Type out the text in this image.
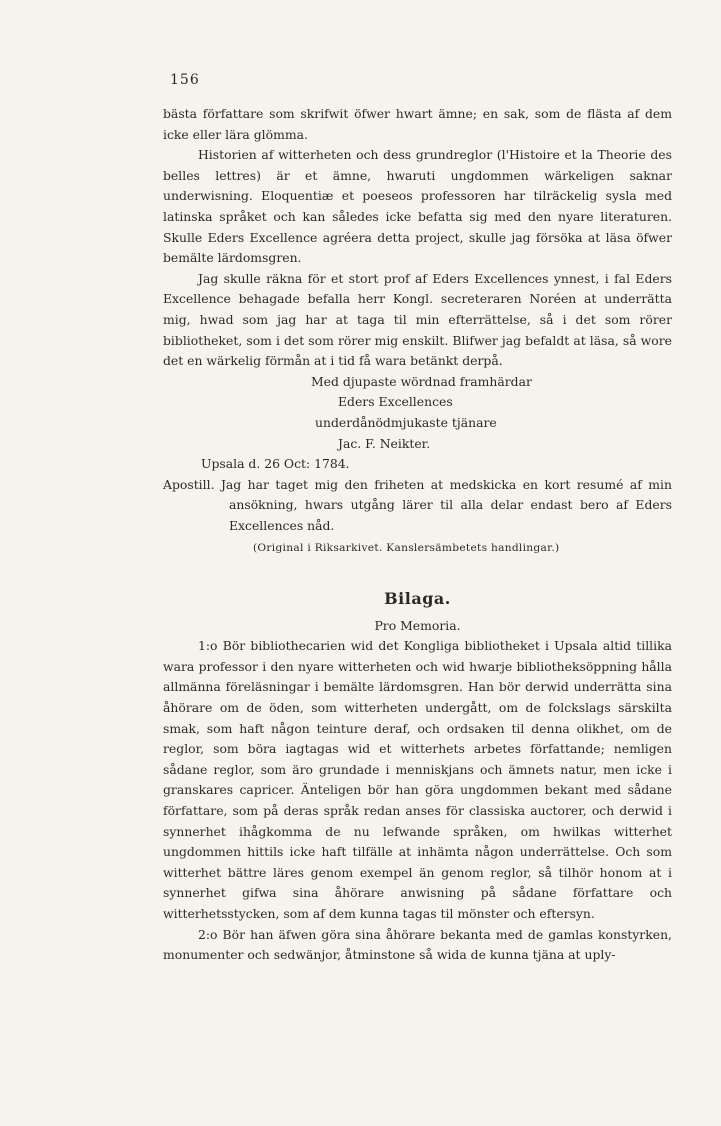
156

bästa författare som skrifwit öfwer hwart ämne; en sak, som de flästa af dem icke eller lära glömma.

Historien af witterheten och dess grundreglor (l'Histoire et la Theorie des belles lettres) är et ämne, hwaruti ungdommen wärkeligen saknar underwisning. Eloquentiæ et poeseos professoren har tilräckelig sysla med latinska språket och kan således icke befatta sig med den nyare literaturen. Skulle Eders Excellence agréera detta project, skulle jag försöka at läsa öfwer bemälte lärdomsgren.

Jag skulle räkna för et stort prof af Eders Excellences ynnest, i fal Eders Excellence behagade befalla herr Kongl. secreteraren Noréen at underrätta mig, hwad som jag har at taga til min efterrättelse, så i det som rörer bibliotheket, som i det som rörer mig enskilt. Blifwer jag befaldt at läsa, så wore det en wärkelig förmån at i tid få wara betänkt derpå.

Med djupaste wördnad framhärdar

Eders Excellences

underdånödmjukaste tjänare

Jac. F. Neikter.

Upsala d. 26 Oct: 1784.

Apostill. Jag har taget mig den friheten at medskicka en kort resumé af min ansökning, hwars utgång lärer til alla delar endast bero af Eders Excellences nåd.

(Original i Riksarkivet. Kanslersämbetets handlingar.)

Bilaga.

Pro Memoria.

1:o Bör bibliothecarien wid det Kongliga bibliotheket i Upsala altid tillika wara professor i den nyare witterheten och wid hwarje bibliotheksöppning hålla allmänna föreläsningar i bemälte lärdomsgren. Han bör derwid underrätta sina åhörare om de öden, som witterheten undergått, om de folckslags särskilta smak, som haft någon teinture deraf, och ordsaken til denna olikhet, om de reglor, som böra iagtagas wid et witterhets arbetes författande; nemligen sådane reglor, som äro grundade i menniskjans och ämnets natur, men icke i granskares capricer. Änteligen bör han göra ungdommen bekant med sådane författare, som på deras språk redan anses för classiska auctorer, och derwid i synnerhet ihågkomma de nu lefwande språken, om hwilkas witterhet ungdommen hittils icke haft tilfälle at inhämta någon underrättelse. Och som witterhet bättre läres genom exempel än genom reglor, så tilhör honom at i synnerhet gifwa sina åhörare anwisning på sådane författare och witterhetsstycken, som af dem kunna tagas til mönster och eftersyn.

2:o Bör han äfwen göra sina åhörare bekanta med de gamlas konstyrken, monumenter och sedwänjor, åtminstone så wida de kunna tjäna at uply-
